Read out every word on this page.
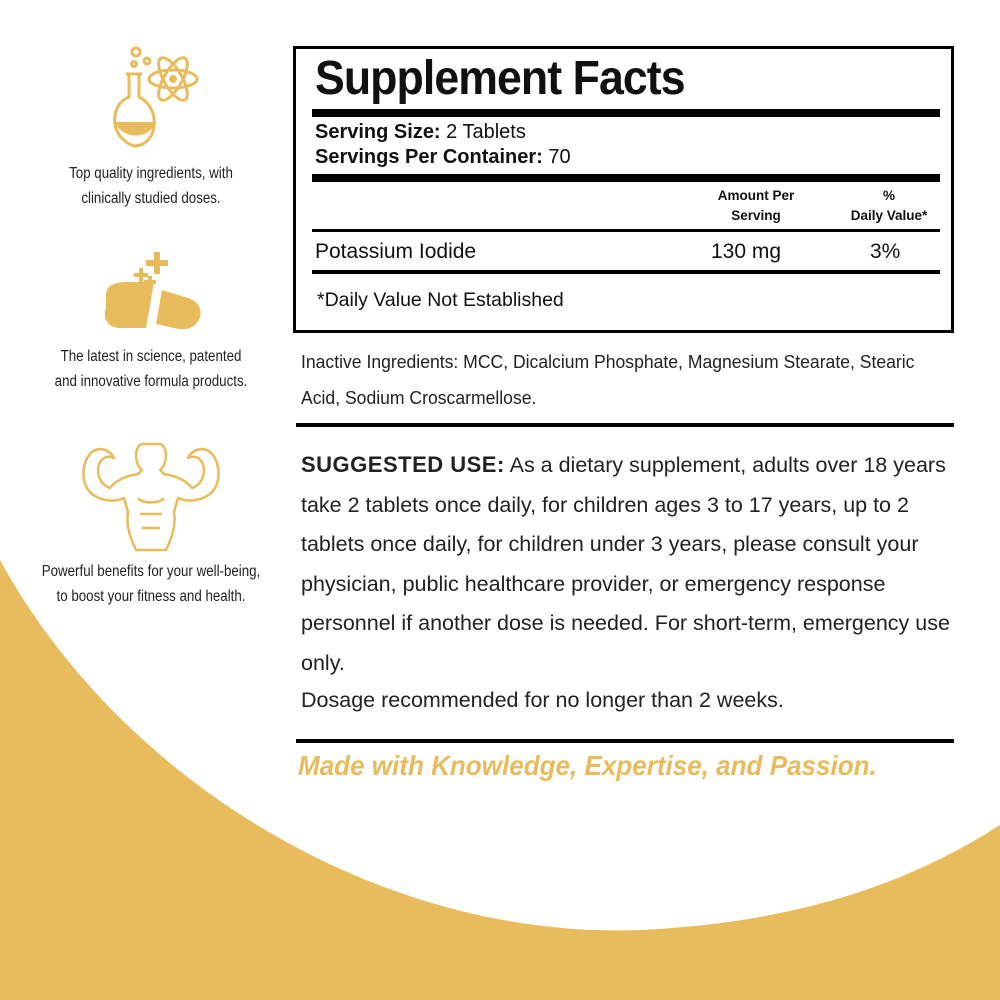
Top quality ingredients, with
clinically studied doses.
The latest in science, patented
and innovative formula products.
Powerful benefits for your well-being,
to boost your fitness and health.
Supplement Facts
Serving Size: 2 Tablets
Servings Per Container: 70
Amount Per
Serving
%
Daily Value*
Potassium Iodide	130 mg	3%
*Daily Value Not Established
Inactive Ingredients: MCC, Dicalcium Phosphate, Magnesium Stearate, Stearic Acid, Sodium Croscarmellose.
SUGGESTED USE: As a dietary supplement, adults over 18 years take 2 tablets once daily, for children ages 3 to 17 years, up to 2 tablets once daily, for children under 3 years, please consult your physician, public healthcare provider, or emergency response personnel if another dose is needed. For short-term, emergency use only.
Dosage recommended for no longer than 2 weeks.
Made with Knowledge, Expertise, and Passion.
